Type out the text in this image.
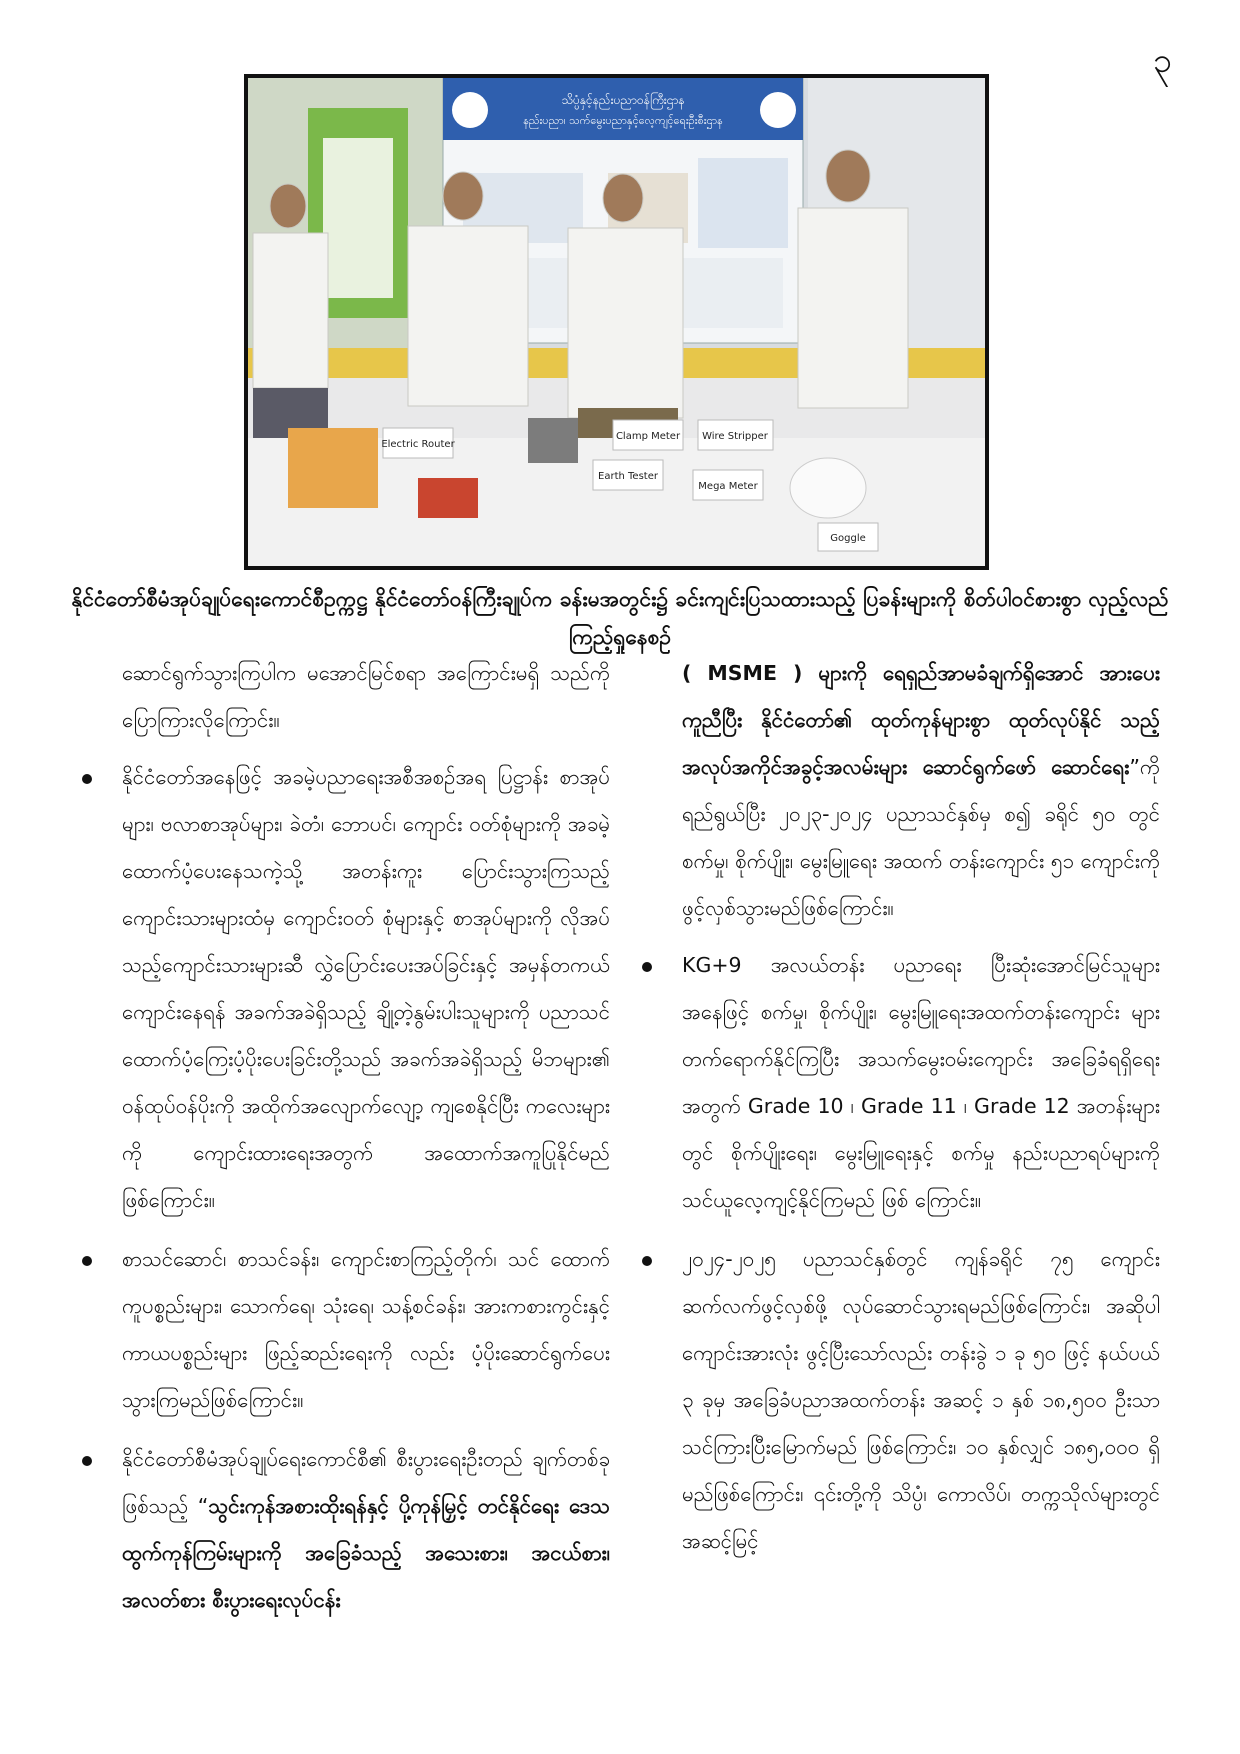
၃
သိပ္ပံနှင့်နည်းပညာဝန်ကြီးဌာန
နည်းပညာ၊ သက်မွေးပညာနှင့်လေ့ကျင့်ရေးဦးစီးဌာန
Electric Router
Earth Tester
Clamp Meter Wire Stripper
Mega Meter
Goggle
နိုင်ငံတော်စီမံအုပ်ချုပ်ရေးကောင်စီဥက္ကဋ္ဌ နိုင်ငံတော်ဝန်ကြီးချုပ်က ခန်းမအတွင်း၌ ခင်းကျင်းပြသထားသည့် ပြခန်းများကို စိတ်ပါဝင်စားစွာ လှည့်လည်ကြည့်ရှုနေစဉ်

ဆောင်ရွက်သွားကြပါက မအောင်မြင်စရာ အကြောင်းမရှိ သည်ကို ပြောကြားလိုကြောင်း။

နိုင်ငံတော်အနေဖြင့် အခမဲ့ပညာရေးအစီအစဉ်အရ ပြဋ္ဌာန်း စာအုပ်များ၊ ဗလာစာအုပ်များ၊ ခဲတံ၊ ဘောပင်၊ ကျောင်း ဝတ်စုံများကို အခမဲ့ထောက်ပံ့ပေးနေသကဲ့သို့ အတန်းကူး ပြောင်းသွားကြသည့် ကျောင်းသားများထံမှ ကျောင်းဝတ် စုံများနှင့် စာအုပ်များကို လိုအပ်သည့်ကျောင်းသားများဆီ လွှဲပြောင်းပေးအပ်ခြင်းနှင့် အမှန်တကယ် ကျောင်းနေရန် အခက်အခဲရှိသည့် ချို့တဲ့နွမ်းပါးသူများကို ပညာသင် ထောက်ပံ့ကြေးပံ့ပိုးပေးခြင်းတို့သည် အခက်အခဲရှိသည့် မိဘများ၏ ဝန်ထုပ်ဝန်ပိုးကို အထိုက်အလျောက်လျော့ ကျစေနိုင်ပြီး ကလေးများကို ကျောင်းထားရေးအတွက် အထောက်အကူပြုနိုင်မည်ဖြစ်ကြောင်း။
စာသင်ဆောင်၊ စာသင်ခန်း၊ ကျောင်းစာကြည့်တိုက်၊ သင် ထောက်ကူပစ္စည်းများ၊ သောက်ရေ၊ သုံးရေ၊ သန့်စင်ခန်း၊ အားကစားကွင်းနှင့် ကာယပစ္စည်းများ ဖြည့်ဆည်းရေးကို လည်း ပံ့ပိုးဆောင်ရွက်ပေးသွားကြမည်ဖြစ်ကြောင်း။
နိုင်ငံတော်စီမံအုပ်ချုပ်ရေးကောင်စီ၏ စီးပွားရေးဦးတည် ချက်တစ်ခုဖြစ်သည့် “သွင်းကုန်အစားထိုးရန်နှင့် ပို့ကုန်မြှင့် တင်နိုင်ရေး ဒေသထွက်ကုန်ကြမ်းများကို အခြေခံသည့် အသေးစား၊ အငယ်စား၊ အလတ်စား စီးပွားရေးလုပ်ငန်း

( MSME ) များကို ရေရှည်အာမခံချက်ရှိအောင် အားပေး ကူညီပြီး နိုင်ငံတော်၏ ထုတ်ကုန်များစွာ ထုတ်လုပ်နိုင် သည့် အလုပ်အကိုင်အခွင့်အလမ်းများ ဆောင်ရွက်ဖော် ဆောင်ရေး”ကို ရည်ရွယ်ပြီး ၂၀၂၃-၂၀၂၄ ပညာသင်နှစ်မှ စ၍ ခရိုင် ၅၀ တွင် စက်မှု၊ စိုက်ပျိုး၊ မွေးမြူရေး အထက် တန်းကျောင်း ၅၁ ကျောင်းကို ဖွင့်လှစ်သွားမည်ဖြစ်ကြောင်း။

KG+9 အလယ်တန်း ပညာရေး ပြီးဆုံးအောင်မြင်သူများ အနေဖြင့် စက်မှု၊ စိုက်ပျိုး၊ မွေးမြူရေးအထက်တန်းကျောင်း များ တက်ရောက်နိုင်ကြပြီး အသက်မွေးဝမ်းကျောင်း အခြေခံရရှိရေးအတွက် Grade 10 ၊ Grade 11 ၊ Grade 12 အတန်းများတွင် စိုက်ပျိုးရေး၊ မွေးမြူရေးနှင့် စက်မှု နည်းပညာရပ်များကို သင်ယူလေ့ကျင့်နိုင်ကြမည် ဖြစ် ကြောင်း။
၂၀၂၄-၂၀၂၅ ပညာသင်နှစ်တွင် ကျန်ခရိုင် ၇၅ ကျောင်း ဆက်လက်ဖွင့်လှစ်ဖို့ လုပ်ဆောင်သွားရမည်ဖြစ်ကြောင်း၊ အဆိုပါကျောင်းအားလုံး ဖွင့်ပြီးသော်လည်း တန်းခွဲ ၁ ခု ၅၀ ဖြင့် နယ်ပယ် ၃ ခုမှ အခြေခံပညာအထက်တန်း အဆင့် ၁ နှစ် ၁၈,၅၀၀ ဦးသာ သင်ကြားပြီးမြောက်မည် ဖြစ်ကြောင်း၊ ၁၀ နှစ်လျှင် ၁၈၅,၀၀၀ ရှိမည်ဖြစ်ကြောင်း၊ ၎င်းတို့ကို သိပ္ပံ၊ ကောလိပ်၊ တက္ကသိုလ်များတွင် အဆင့်မြင့်
